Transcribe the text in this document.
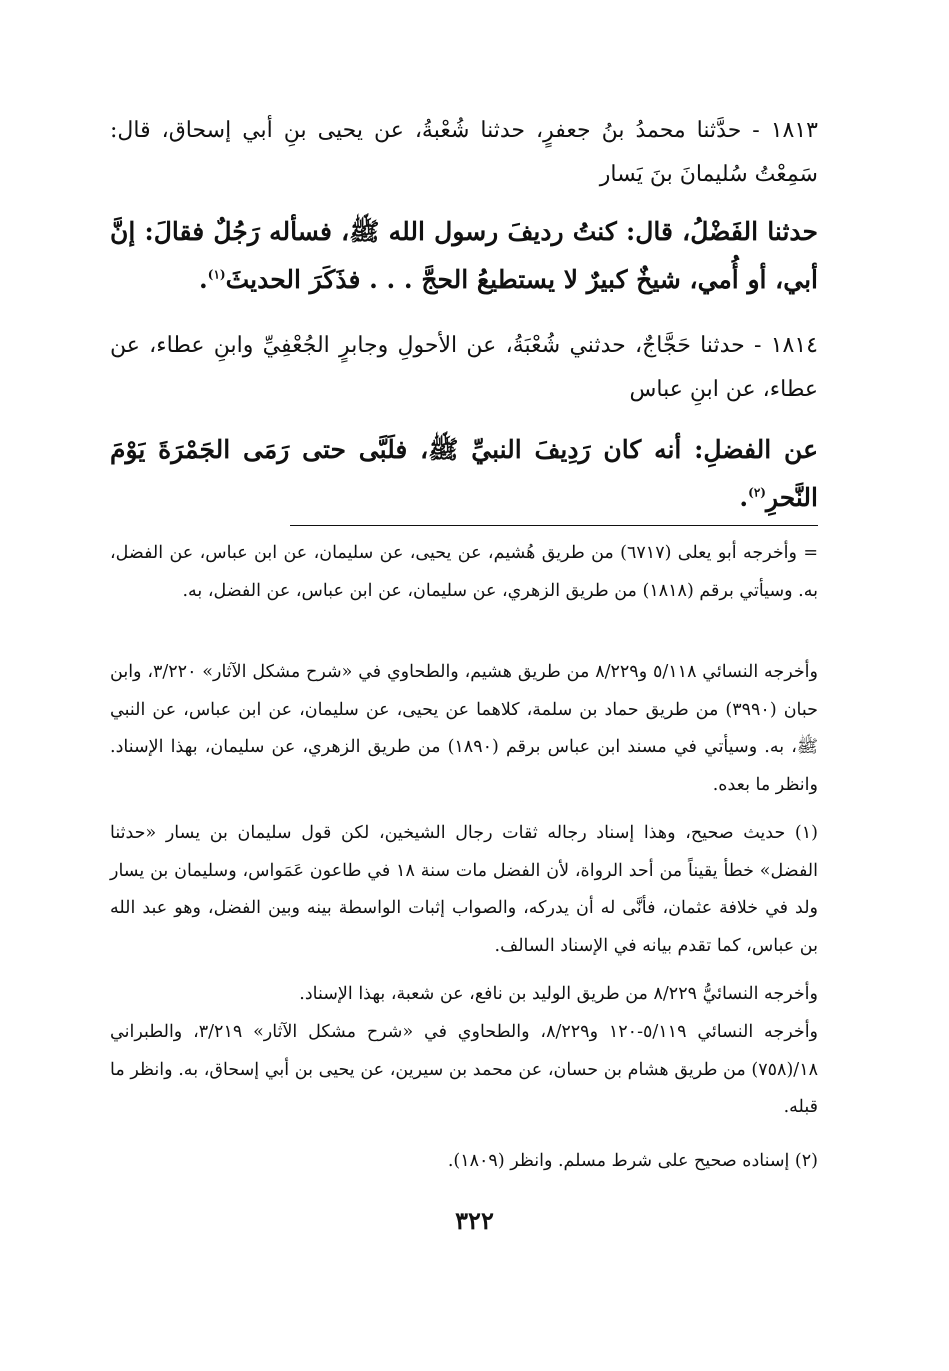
١٨١٣ - حدَّثنا محمدُ بنُ جعفرٍ، حدثنا شُعْبةُ، عن يحيى بنِ أبي إسحاق، قال: سَمِعْتُ سُليمانَ بنَ يَسار

حدثنا الفَضْلُ، قال: كنتُ رديفَ رسول الله ﷺ، فسأله رَجُلٌ فقالَ: إنَّ أبي، أو أُمي، شيخٌ كبيرٌ لا يستطيعُ الحجَّ . . . فذَكَرَ الحديثَ$^{(١)}$.

١٨١٤ - حدثنا حَجَّاجٌ، حدثني شُعْبَةُ، عن الأحولِ وجابرٍ الجُعْفِيِّ وابنِ عطاء، عن عطاء، عن ابنِ عباس

عن الفضلِ: أنه كان رَدِيفَ النبيِّ ﷺ، فلَبَّى حتى رَمَى الجَمْرَةَ يَوْمَ النَّحرِ$^{(٢)}$.

= وأخرجه أبو يعلى (٦٧١٧) من طريق هُشيم، عن يحيى، عن سليمان، عن ابن عباس، عن الفضل، به. وسيأتي برقم (١٨١٨) من طريق الزهري، عن سليمان، عن ابن عباس، عن الفضل، به.

وأخرجه النسائي ٥/١١٨ و٨/٢٢٩ من طريق هشيم، والطحاوي في «شرح مشكل الآثار» ٣/٢٢٠، وابن حبان (٣٩٩٠) من طريق حماد بن سلمة، كلاهما عن يحيى، عن سليمان، عن ابن عباس، عن النبي ﷺ، به. وسيأتي في مسند ابن عباس برقم (١٨٩٠) من طريق الزهري، عن سليمان، بهذا الإسناد. وانظر ما بعده.

(١) حديث صحيح، وهذا إسناد رجاله ثقات رجال الشيخين، لكن قول سليمان بن يسار «حدثنا الفضل» خطأ يقيناً من أحد الرواة، لأن الفضل مات سنة ١٨ في طاعون عَمَواس، وسليمان بن يسار ولد في خلافة عثمان، فأنَّى له أن يدركه، والصواب إثبات الواسطة بينه وبين الفضل، وهو عبد الله بن عباس، كما تقدم بيانه في الإسناد السالف.

وأخرجه النسائيُّ ٨/٢٢٩ من طريق الوليد بن نافع، عن شعبة، بهذا الإسناد.

وأخرجه النسائي ٥/١١٩-١٢٠ و٨/٢٢٩، والطحاوي في «شرح مشكل الآثار» ٣/٢١٩، والطبراني ١٨/(٧٥٨) من طريق هشام بن حسان، عن محمد بن سيرين، عن يحيى بن أبي إسحاق، به. وانظر ما قبله.

(٢) إسناده صحيح على شرط مسلم. وانظر (١٨٠٩).

٣٢٢
